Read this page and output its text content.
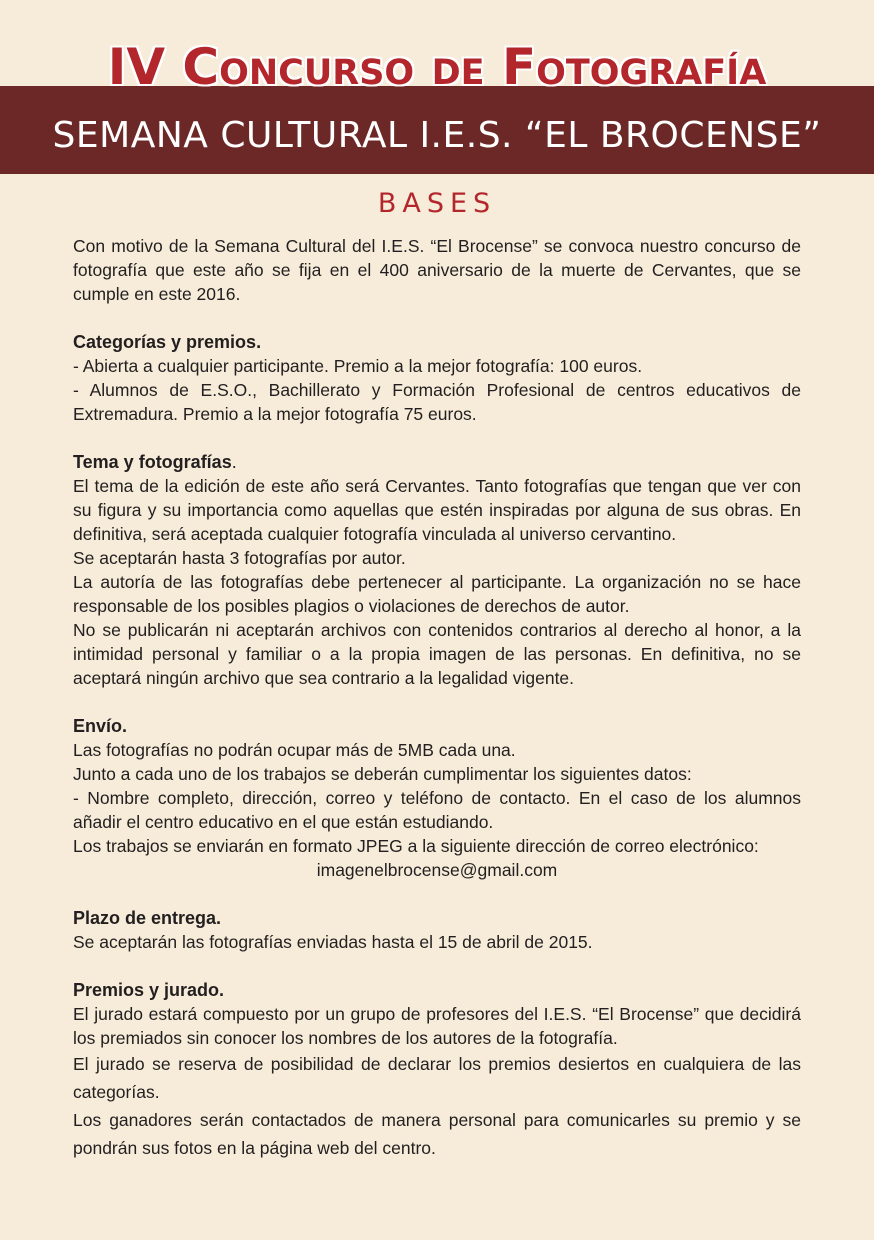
IV Concurso de Fotografía
SEMANA CULTURAL I.E.S. “EL BROCENSE”
BASES

Con motivo de la Semana Cultural del I.E.S. “El Brocense” se convoca nuestro concurso de fotografía que este año se fija en el 400 aniversario de la muerte de Cervantes, que se cumple en este 2016.

Categorías y premios.

- Abierta a cualquier participante. Premio a la mejor fotografía: 100 euros.

- Alumnos de E.S.O., Bachillerato y Formación Profesional de centros educativos de Extremadura. Premio a la mejor fotografía 75 euros.

Tema y fotografías.

El tema de la edición de este año será Cervantes. Tanto fotografías que tengan que ver con su figura y su importancia como aquellas que estén inspiradas por alguna de sus obras. En definitiva, será aceptada cualquier fotografía vinculada al universo cervantino.

Se aceptarán hasta 3 fotografías por autor.

La autoría de las fotografías debe pertenecer al participante. La organización no se hace responsable de los posibles plagios o violaciones de derechos de autor.

No se publicarán ni aceptarán archivos con contenidos contrarios al derecho al honor, a la intimidad personal y familiar o a la propia imagen de las personas. En definitiva, no se aceptará ningún archivo que sea contrario a la legalidad vigente.

Envío.

Las fotografías no podrán ocupar más de 5MB cada una.

Junto a cada uno de los trabajos se deberán cumplimentar los siguientes datos:

- Nombre completo, dirección, correo y teléfono de contacto. En el caso de los alumnos añadir el centro educativo en el que están estudiando.

Los trabajos se enviarán en formato JPEG a la siguiente dirección de correo electrónico:

imagenelbrocense@gmail.com

Plazo de entrega.

Se aceptarán las fotografías enviadas hasta el 15 de abril de 2015.

Premios y jurado.

El jurado estará compuesto por un grupo de profesores del I.E.S. “El Brocense” que decidirá los premiados sin conocer los nombres de los autores de la fotografía.

El jurado se reserva de posibilidad de declarar los premios desiertos en cualquiera de las categorías.

Los ganadores serán contactados de manera personal para comunicarles su premio y se pondrán sus fotos en la página web del centro.
